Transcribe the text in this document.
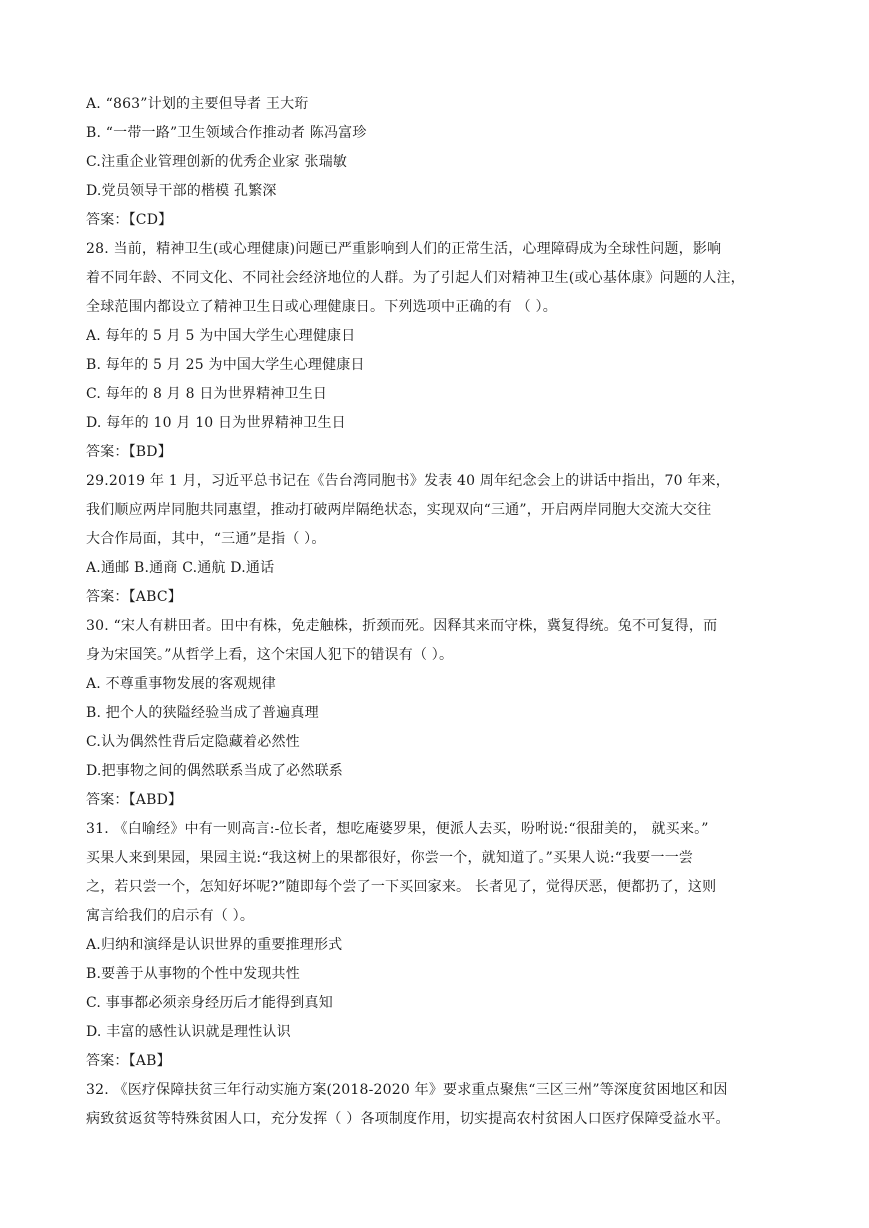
A. “863”计划的主要但导者 王大珩
B. “一带一路”卫生领域合作推动者 陈冯富珍
C.注重企业管理创新的优秀企业家 张瑞敏
D.党员领导干部的楷模 孔繁深
答案：【CD】
28. 当前，精神卫生(或心理健康)问题已严重影响到人们的正常生活，心理障碍成为全球性问题，影响
着不同年龄、不同文化、不同社会经济地位的人群。为了引起人们对精神卫生(或心基体康》问题的人注，
全球范围内都设立了精神卫生日或心理健康日。下列选项中正确的有 （ ）。
A. 每年的 5 月 5 为中国大学生心理健康日
B. 每年的 5 月 25 为中国大学生心理健康日
C. 每年的 8 月 8 日为世界精神卫生日
D. 每年的 10 月 10 日为世界精神卫生日
答案：【BD】
29.2019 年 1 月，习近平总书记在《告台湾同胞书》发表 40 周年纪念会上的讲话中指出，70 年来，
我们顺应两岸同胞共同惠望，推动打破两岸隔绝状态，实现双向“三通”，开启两岸同胞大交流大交往
大合作局面，其中，“三通”是指（ ）。
A.通邮 B.通商 C.通航 D.通话
答案：【ABC】
30. “宋人有耕田者。田中有株，免走触株，折颈而死。因释其来而守株，冀复得统。兔不可复得，而
身为宋国笑。”从哲学上看，这个宋国人犯下的错误有（ ）。
A. 不尊重事物发展的客观规律
B. 把个人的狭隘经验当成了普遍真理
C.认为偶然性背后定隐藏着必然性
D.把事物之间的偶然联系当成了必然联系
答案：【ABD】
31. 《白喻经》中有一则高言:-位长者，想吃庵婆罗果，便派人去买，吩咐说:“很甜美的， 就买来。”
买果人来到果园，果园主说:“我这树上的果都很好，你尝一个，就知道了。”买果人说:“我要一一尝
之，若只尝一个，怎知好坏呢?”随即每个尝了一下买回家来。 长者见了，觉得厌恶，便都扔了，这则
寓言给我们的启示有（ ）。
A.归纳和演绎是认识世界的重要推理形式
B.要善于从事物的个性中发现共性
C. 事事都必须亲身经历后才能得到真知
D. 丰富的感性认识就是理性认识
答案：【AB】
32. 《医疗保障扶贫三年行动实施方案(2018-2020 年》要求重点聚焦“三区三州”等深度贫困地区和因
病致贫返贫等特殊贫困人口，充分发挥（ ）各项制度作用，切实提高农村贫困人口医疗保障受益水平。
